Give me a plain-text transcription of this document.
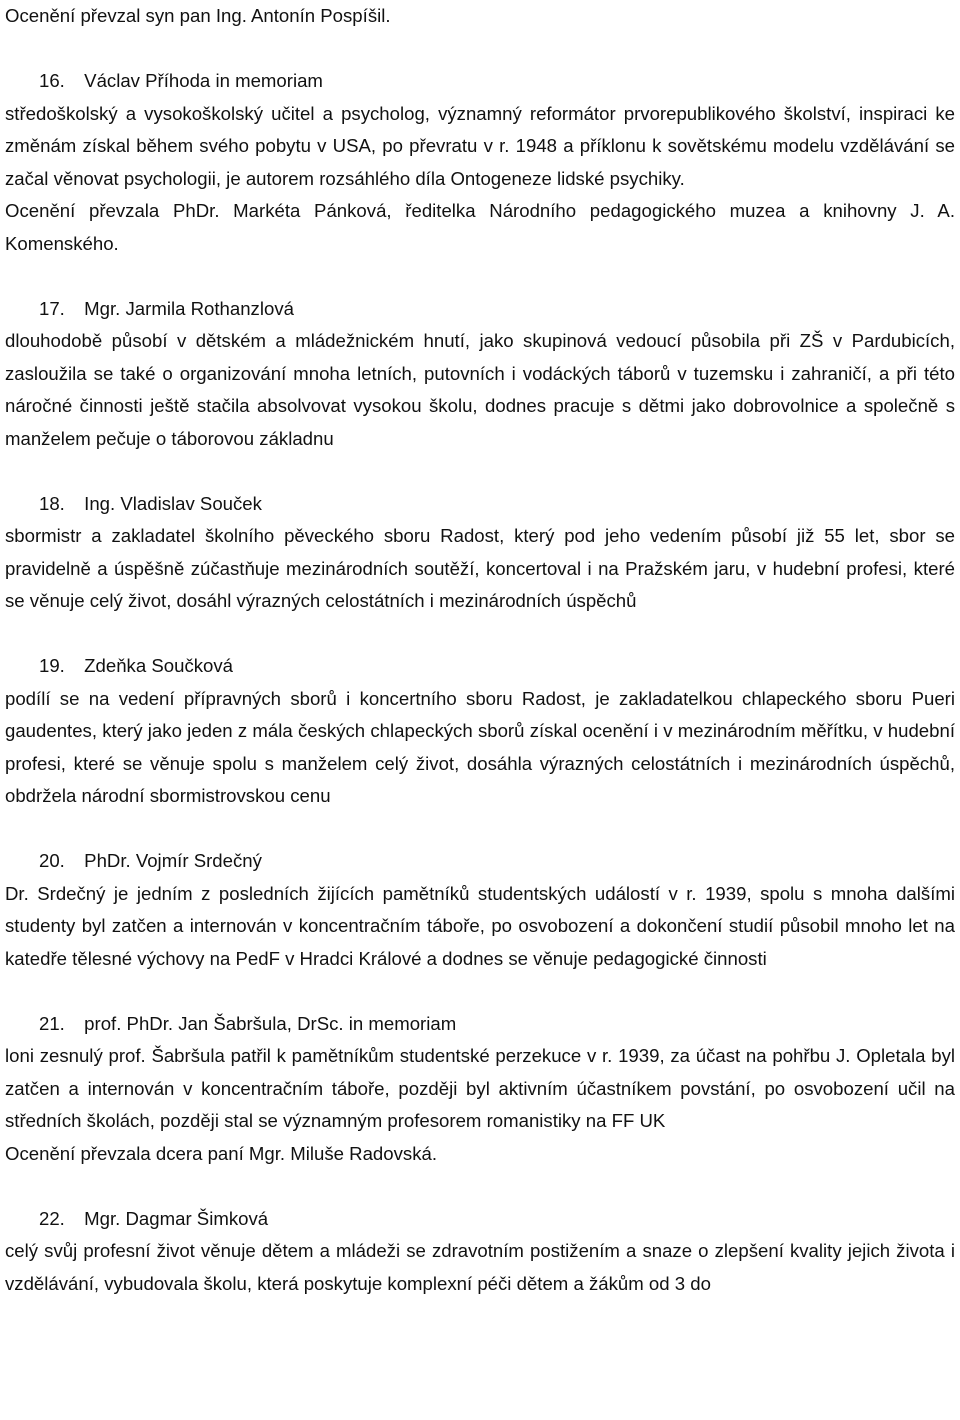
Ocenění převzal syn pan Ing. Antonín Pospíšil.

16. Václav Příhoda in memoriam

středoškolský a vysokoškolský učitel a psycholog, významný reformátor prvorepublikového školství, inspiraci ke změnám získal během svého pobytu v USA, po převratu v r. 1948 a příklonu k sovětskému modelu vzdělávání se začal věnovat psychologii, je autorem rozsáhlého díla Ontogeneze lidské psychiky.

Ocenění převzala PhDr. Markéta Pánková, ředitelka Národního pedagogického muzea a knihovny J. A. Komenského.

17. Mgr. Jarmila Rothanzlová

dlouhodobě působí v dětském a mládežnickém hnutí, jako skupinová vedoucí působila při ZŠ v Pardubicích, zasloužila se také o organizování mnoha letních, putovních i vodáckých táborů v tuzemsku i zahraničí, a při této náročné činnosti ještě stačila absolvovat vysokou školu, dodnes pracuje s dětmi jako dobrovolnice a společně s manželem pečuje o táborovou základnu

18. Ing. Vladislav Souček

sbormistr a zakladatel školního pěveckého sboru Radost, který pod jeho vedením působí již 55 let, sbor se pravidelně a úspěšně zúčastňuje mezinárodních soutěží, koncertoval i na Pražském jaru, v hudební profesi, které se věnuje celý život, dosáhl výrazných celostátních i mezinárodních úspěchů

19. Zdeňka Součková

podílí se na vedení přípravných sborů i koncertního sboru Radost, je zakladatelkou chlapeckého sboru Pueri gaudentes, který jako jeden z mála českých chlapeckých sborů získal ocenění i v mezinárodním měřítku, v hudební profesi, které se věnuje spolu s manželem celý život, dosáhla výrazných celostátních i mezinárodních úspěchů, obdržela národní sbormistrovskou cenu

20. PhDr. Vojmír Srdečný

Dr. Srdečný je jedním z posledních žijících pamětníků studentských událostí v r. 1939, spolu s mnoha dalšími studenty byl zatčen a internován v koncentračním táboře, po osvobození a dokončení studií působil mnoho let na katedře tělesné výchovy na PedF v Hradci Králové a dodnes se věnuje pedagogické činnosti

21. prof. PhDr. Jan Šabršula, DrSc. in memoriam

loni zesnulý prof. Šabršula patřil k pamětníkům studentské perzekuce v r. 1939, za účast na pohřbu J. Opletala byl zatčen a internován v koncentračním táboře, později byl aktivním účastníkem povstání, po osvobození učil na středních školách, později stal se významným profesorem romanistiky na FF UK

Ocenění převzala dcera paní Mgr. Miluše Radovská.

22. Mgr. Dagmar Šimková

celý svůj profesní život věnuje dětem a mládeži se zdravotním postižením a snaze o zlepšení kvality jejich života i vzdělávání, vybudovala školu, která poskytuje komplexní péči dětem a žákům od 3 do
